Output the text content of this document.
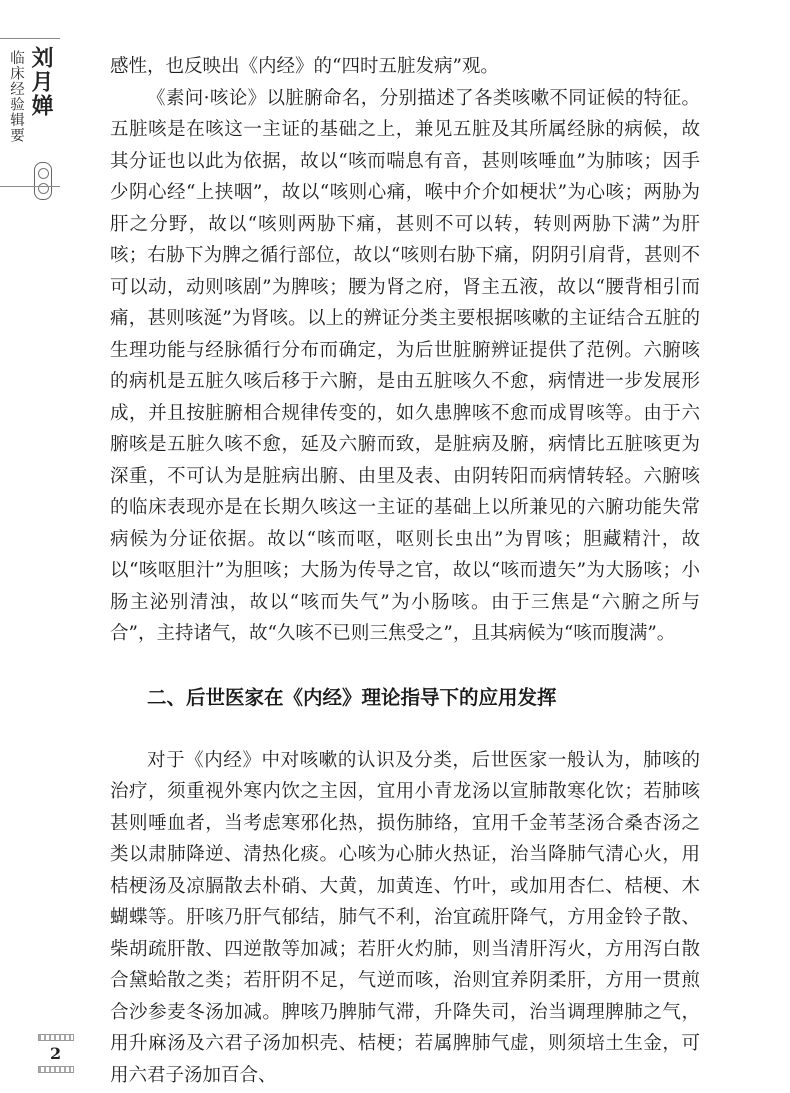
临床经验辑要 刘月婵	感性，也反映出《内经》的“四时五脏发病”观。

《素问·咳论》以脏腑命名，分别描述了各类咳嗽不同证候的特征。五脏咳是在咳这一主证的基础之上，兼见五脏及其所属经脉的病候，故其分证也以此为依据，故以“咳而喘息有音，甚则咳唾血”为肺咳；因手少阴心经“上挟咽”，故以“咳则心痛，喉中介介如梗状”为心咳；两胁为肝之分野，故以“咳则两胁下痛，甚则不可以转，转则两胁下满”为肝咳；右胁下为脾之循行部位，故以“咳则右胁下痛，阴阴引肩背，甚则不可以动，动则咳剧”为脾咳；腰为肾之府，肾主五液，故以“腰背相引而痛，甚则咳涎”为肾咳。以上的辨证分类主要根据咳嗽的主证结合五脏的生理功能与经脉循行分布而确定，为后世脏腑辨证提供了范例。六腑咳的病机是五脏久咳后移于六腑，是由五脏咳久不愈，病情进一步发展形成，并且按脏腑相合规律传变的，如久患脾咳不愈而成胃咳等。由于六腑咳是五脏久咳不愈，延及六腑而致，是脏病及腑，病情比五脏咳更为深重，不可认为是脏病出腑、由里及表、由阴转阳而病情转轻。六腑咳的临床表现亦是在长期久咳这一主证的基础上以所兼见的六腑功能失常病候为分证依据。故以“咳而呕，呕则长虫出”为胃咳；胆藏精汁，故以“咳呕胆汁”为胆咳；大肠为传导之官，故以“咳而遗矢”为大肠咳；小肠主泌别清浊，故以“咳而失气”为小肠咳。由于三焦是“六腑之所与合”，主持诸气，故“久咳不已则三焦受之”，且其病候为“咳而腹满”。

二、后世医家在《内经》理论指导下的应用发挥

对于《内经》中对咳嗽的认识及分类，后世医家一般认为，肺咳的治疗，须重视外寒内饮之主因，宜用小青龙汤以宣肺散寒化饮；若肺咳甚则唾血者，当考虑寒邪化热，损伤肺络，宜用千金苇茎汤合桑杏汤之类以肃肺降逆、清热化痰。心咳为心肺火热证，治当降肺气清心火，用桔梗汤及凉膈散去朴硝、大黄，加黄连、竹叶，或加用杏仁、桔梗、木蝴蝶等。肝咳乃肝气郁结，肺气不利，治宜疏肝降气，方用金铃子散、柴胡疏肝散、四逆散等加减；若肝火灼肺，则当清肝泻火，方用泻白散合黛蛤散之类；若肝阴不足，气逆而咳，治则宜养阴柔肝，方用一贯煎合沙参麦冬汤加减。脾咳乃脾肺气滞，升降失司，治当调理脾肺之气，用升麻汤及六君子汤加枳壳、桔梗；若属脾肺气虚，则须培土生金，可用六君子汤加百合、

2
